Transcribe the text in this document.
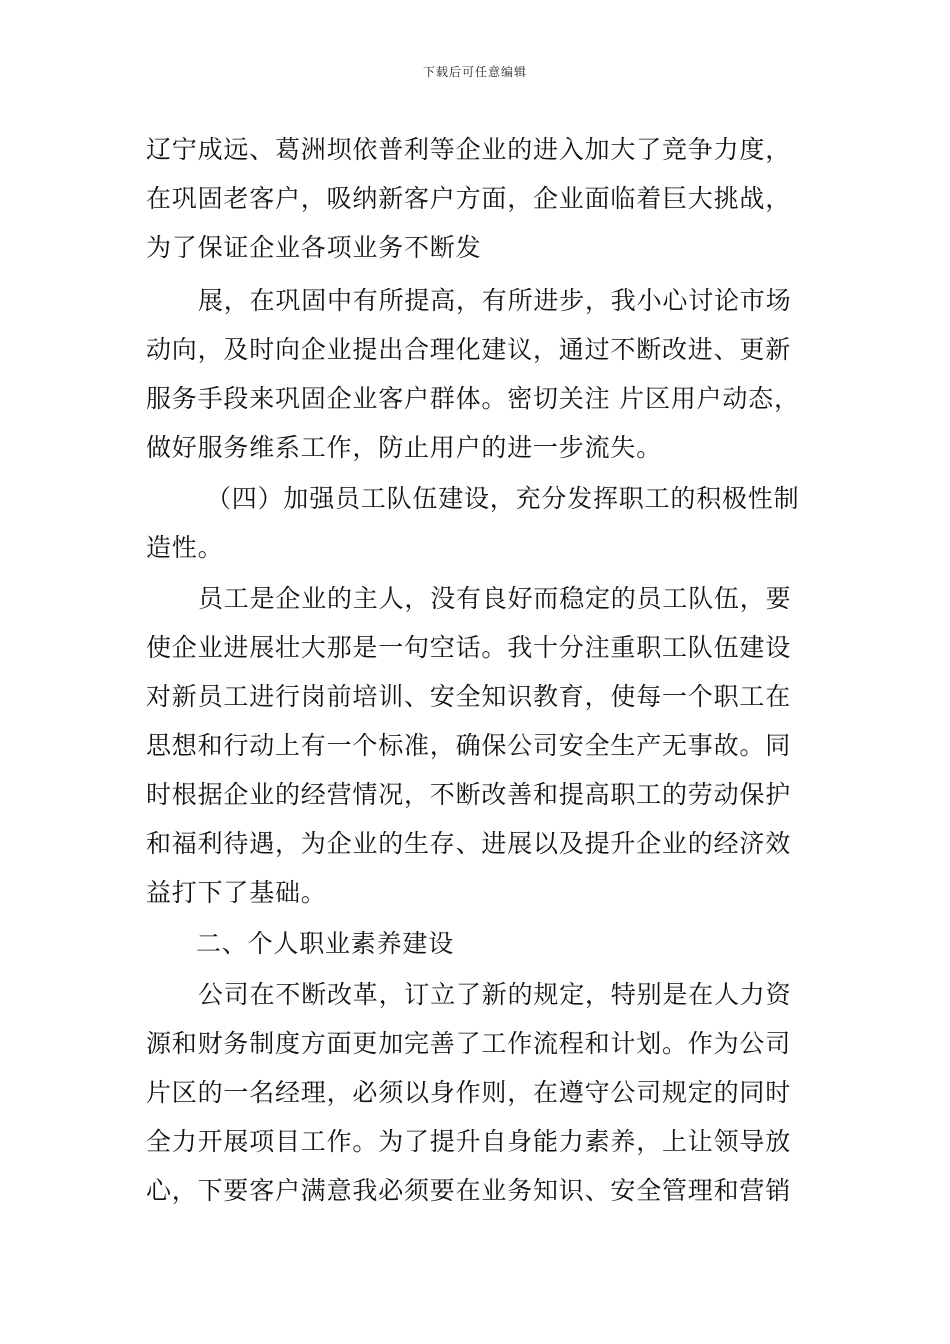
下载后可任意编辑
辽宁成远、葛洲坝依普利等企业的进入加大了竞争力度，
在巩固老客户，吸纳新客户方面，企业面临着巨大挑战，
为了保证企业各项业务不断发
展，在巩固中有所提高，有所进步，我小心讨论市场
动向，及时向企业提出合理化建议，通过不断改进、更新
服务手段来巩固企业客户群体。密切关注 片区用户动态，
做好服务维系工作，防止用户的进一步流失。
（四）加强员工队伍建设，充分发挥职工的积极性制
造性。
员工是企业的主人，没有良好而稳定的员工队伍，要
使企业进展壮大那是一句空话。我十分注重职工队伍建设
对新员工进行岗前培训、安全知识教育，使每一个职工在
思想和行动上有一个标准，确保公司安全生产无事故。同
时根据企业的经营情况，不断改善和提高职工的劳动保护
和福利待遇，为企业的生存、进展以及提升企业的经济效
益打下了基础。
二、个人职业素养建设
公司在不断改革，订立了新的规定，特别是在人力资
源和财务制度方面更加完善了工作流程和计划。作为公司
片区的一名经理，必须以身作则，在遵守公司规定的同时
全力开展项目工作。为了提升自身能力素养，上让领导放
心，下要客户满意我必须要在业务知识、安全管理和营销
